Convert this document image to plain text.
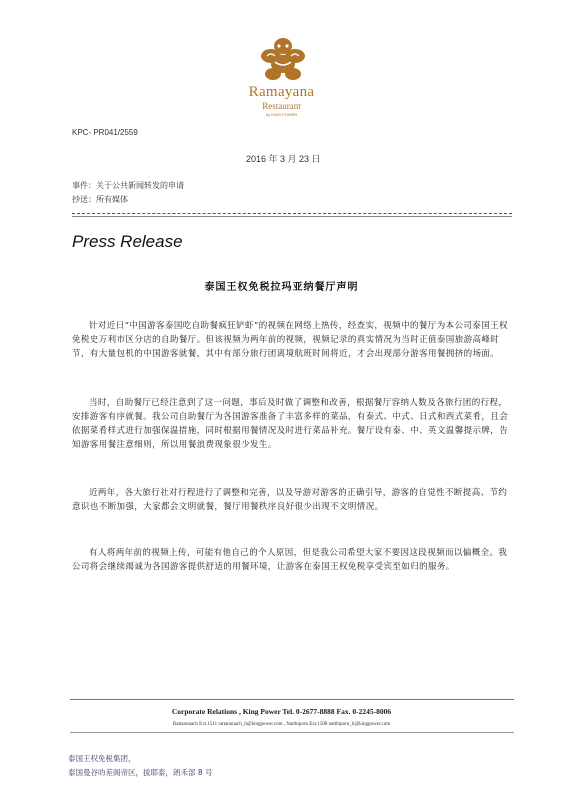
Ramayana
Restaurant
by KING POWER
KPC- PR041/2559
2016 年 3 月 23 日
事件：关于公共新闻转发的申请
抄送：所有媒体
Press Release
泰国王权免税拉玛亚纳餐厅声明

针对近日“中国游客泰国吃自助餐疯狂铲虾”的视频在网络上热传，经查实，视频中的餐厅为本公司泰国王权免税史万利市区分店的自助餐厅。但该视频为两年前的视频，视频记录的真实情况为当时正值泰国旅游高峰时节，有大量包机的中国游客就餐，其中有部分旅行团离境航班时间将近，才会出现部分游客用餐拥挤的场面。

当时，自助餐厅已经注意到了这一问题，事后及时做了调整和改善，根据餐厅容纳人数及各旅行团的行程，安排游客有序就餐。我公司自助餐厅为各国游客准备了丰富多样的菜品，有泰式、中式、日式和西式菜肴，且会依据菜肴样式进行加强保温措施，同时根据用餐情况及时进行菜品补充。餐厅设有泰、中、英文温馨提示牌，告知游客用餐注意细则，所以用餐浪费现象很少发生。

近两年，各大旅行社对行程进行了调整和完善，以及导游对游客的正确引导，游客的自觉性不断提高、节约意识也不断加强，大家都会文明就餐，餐厅用餐秩序良好很少出现不文明情况。

有人将两年前的视频上传，可能有他自己的个人原因，但是我公司希望大家不要因这段视频而以偏概全。我公司将会继续竭诚为各国游客提供舒适的用餐环境，让游客在泰国王权免税享受宾至如归的服务。

Corporate Relations , King Power Tel. 0-2677-8888 Fax. 0-2245-8006
Rattanunach Ext.1511 rattanunach_li@kingpower.com , Natthiporn Ext.1508 natthiporn_li@kingpower.com
泰国王权免税集团，
泰国曼谷叻差阁帝区，拔耶泰，朗禾部 8 号
